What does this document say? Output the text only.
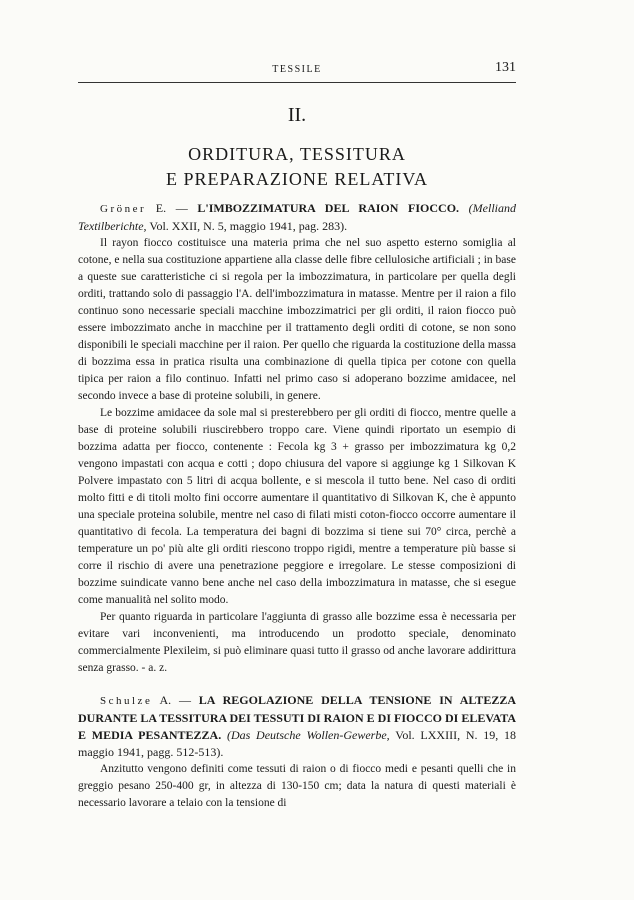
TESSILE	131
II.
ORDITURA, TESSITURA
E PREPARAZIONE RELATIVA

Gröner E. — L'IMBOZZIMATURA DEL RAION FIOCCO. (Melliand Textilberichte, Vol. XXII, N. 5, maggio 1941, pag. 283).

Il rayon fiocco costituisce una materia prima che nel suo aspetto esterno somiglia al cotone, e nella sua costituzione appartiene alla classe delle fibre cellulosiche artificiali ; in base a queste sue caratteristiche ci si regola per la imbozzimatura, in particolare per quella degli orditi, trattando solo di passaggio l'A. dell'imbozzimatura in matasse. Mentre per il raion a filo continuo sono necessarie speciali macchine imbozzimatrici per gli orditi, il raion fiocco può essere imbozzimato anche in macchine per il trattamento degli orditi di cotone, se non sono disponibili le speciali macchine per il raion. Per quello che riguarda la costituzione della massa di bozzima essa in pratica risulta una combinazione di quella tipica per cotone con quella tipica per raion a filo continuo. Infatti nel primo caso si adoperano bozzime amidacee, nel secondo invece a base di proteine solubili, in genere.

Le bozzime amidacee da sole mal si presterebbero per gli orditi di fiocco, mentre quelle a base di proteine solubili riuscirebbero troppo care. Viene quindi riportato un esempio di bozzima adatta per fiocco, contenente : Fecola kg 3 + grasso per imbozzimatura kg 0,2 vengono impastati con acqua e cotti ; dopo chiusura del vapore si aggiunge kg 1 Silkovan K Polvere impastato con 5 litri di acqua bollente, e si mescola il tutto bene. Nel caso di orditi molto fitti e di titoli molto fini occorre aumentare il quantitativo di Silkovan K, che è appunto una speciale proteina solubile, mentre nel caso di filati misti coton-fiocco occorre aumentare il quantitativo di fecola. La temperatura dei bagni di bozzima si tiene sui 70° circa, perchè a temperature un po' più alte gli orditi riescono troppo rigidi, mentre a temperature più basse si corre il rischio di avere una penetrazione peggiore e irregolare. Le stesse composizioni di bozzime suindicate vanno bene anche nel caso della imbozzimatura in matasse, che si esegue come manualità nel solito modo.

Per quanto riguarda in particolare l'aggiunta di grasso alle bozzime essa è necessaria per evitare vari inconvenienti, ma introducendo un prodotto speciale, denominato commercialmente Plexileim, si può eliminare quasi tutto il grasso od anche lavorare addirittura senza grasso. - a. z.

Schulze A. — LA REGOLAZIONE DELLA TENSIONE IN ALTEZZA DURANTE LA TESSITURA DEI TESSUTI DI RAION E DI FIOCCO DI ELEVATA E MEDIA PESANTEZZA. (Das Deutsche Wollen-Gewerbe, Vol. LXXIII, N. 19, 18 maggio 1941, pagg. 512-513).

Anzitutto vengono definiti come tessuti di raion o di fiocco medi e pesanti quelli che in greggio pesano 250-400 gr, in altezza di 130-150 cm; data la natura di questi materiali è necessario lavorare a telaio con la tensione di
